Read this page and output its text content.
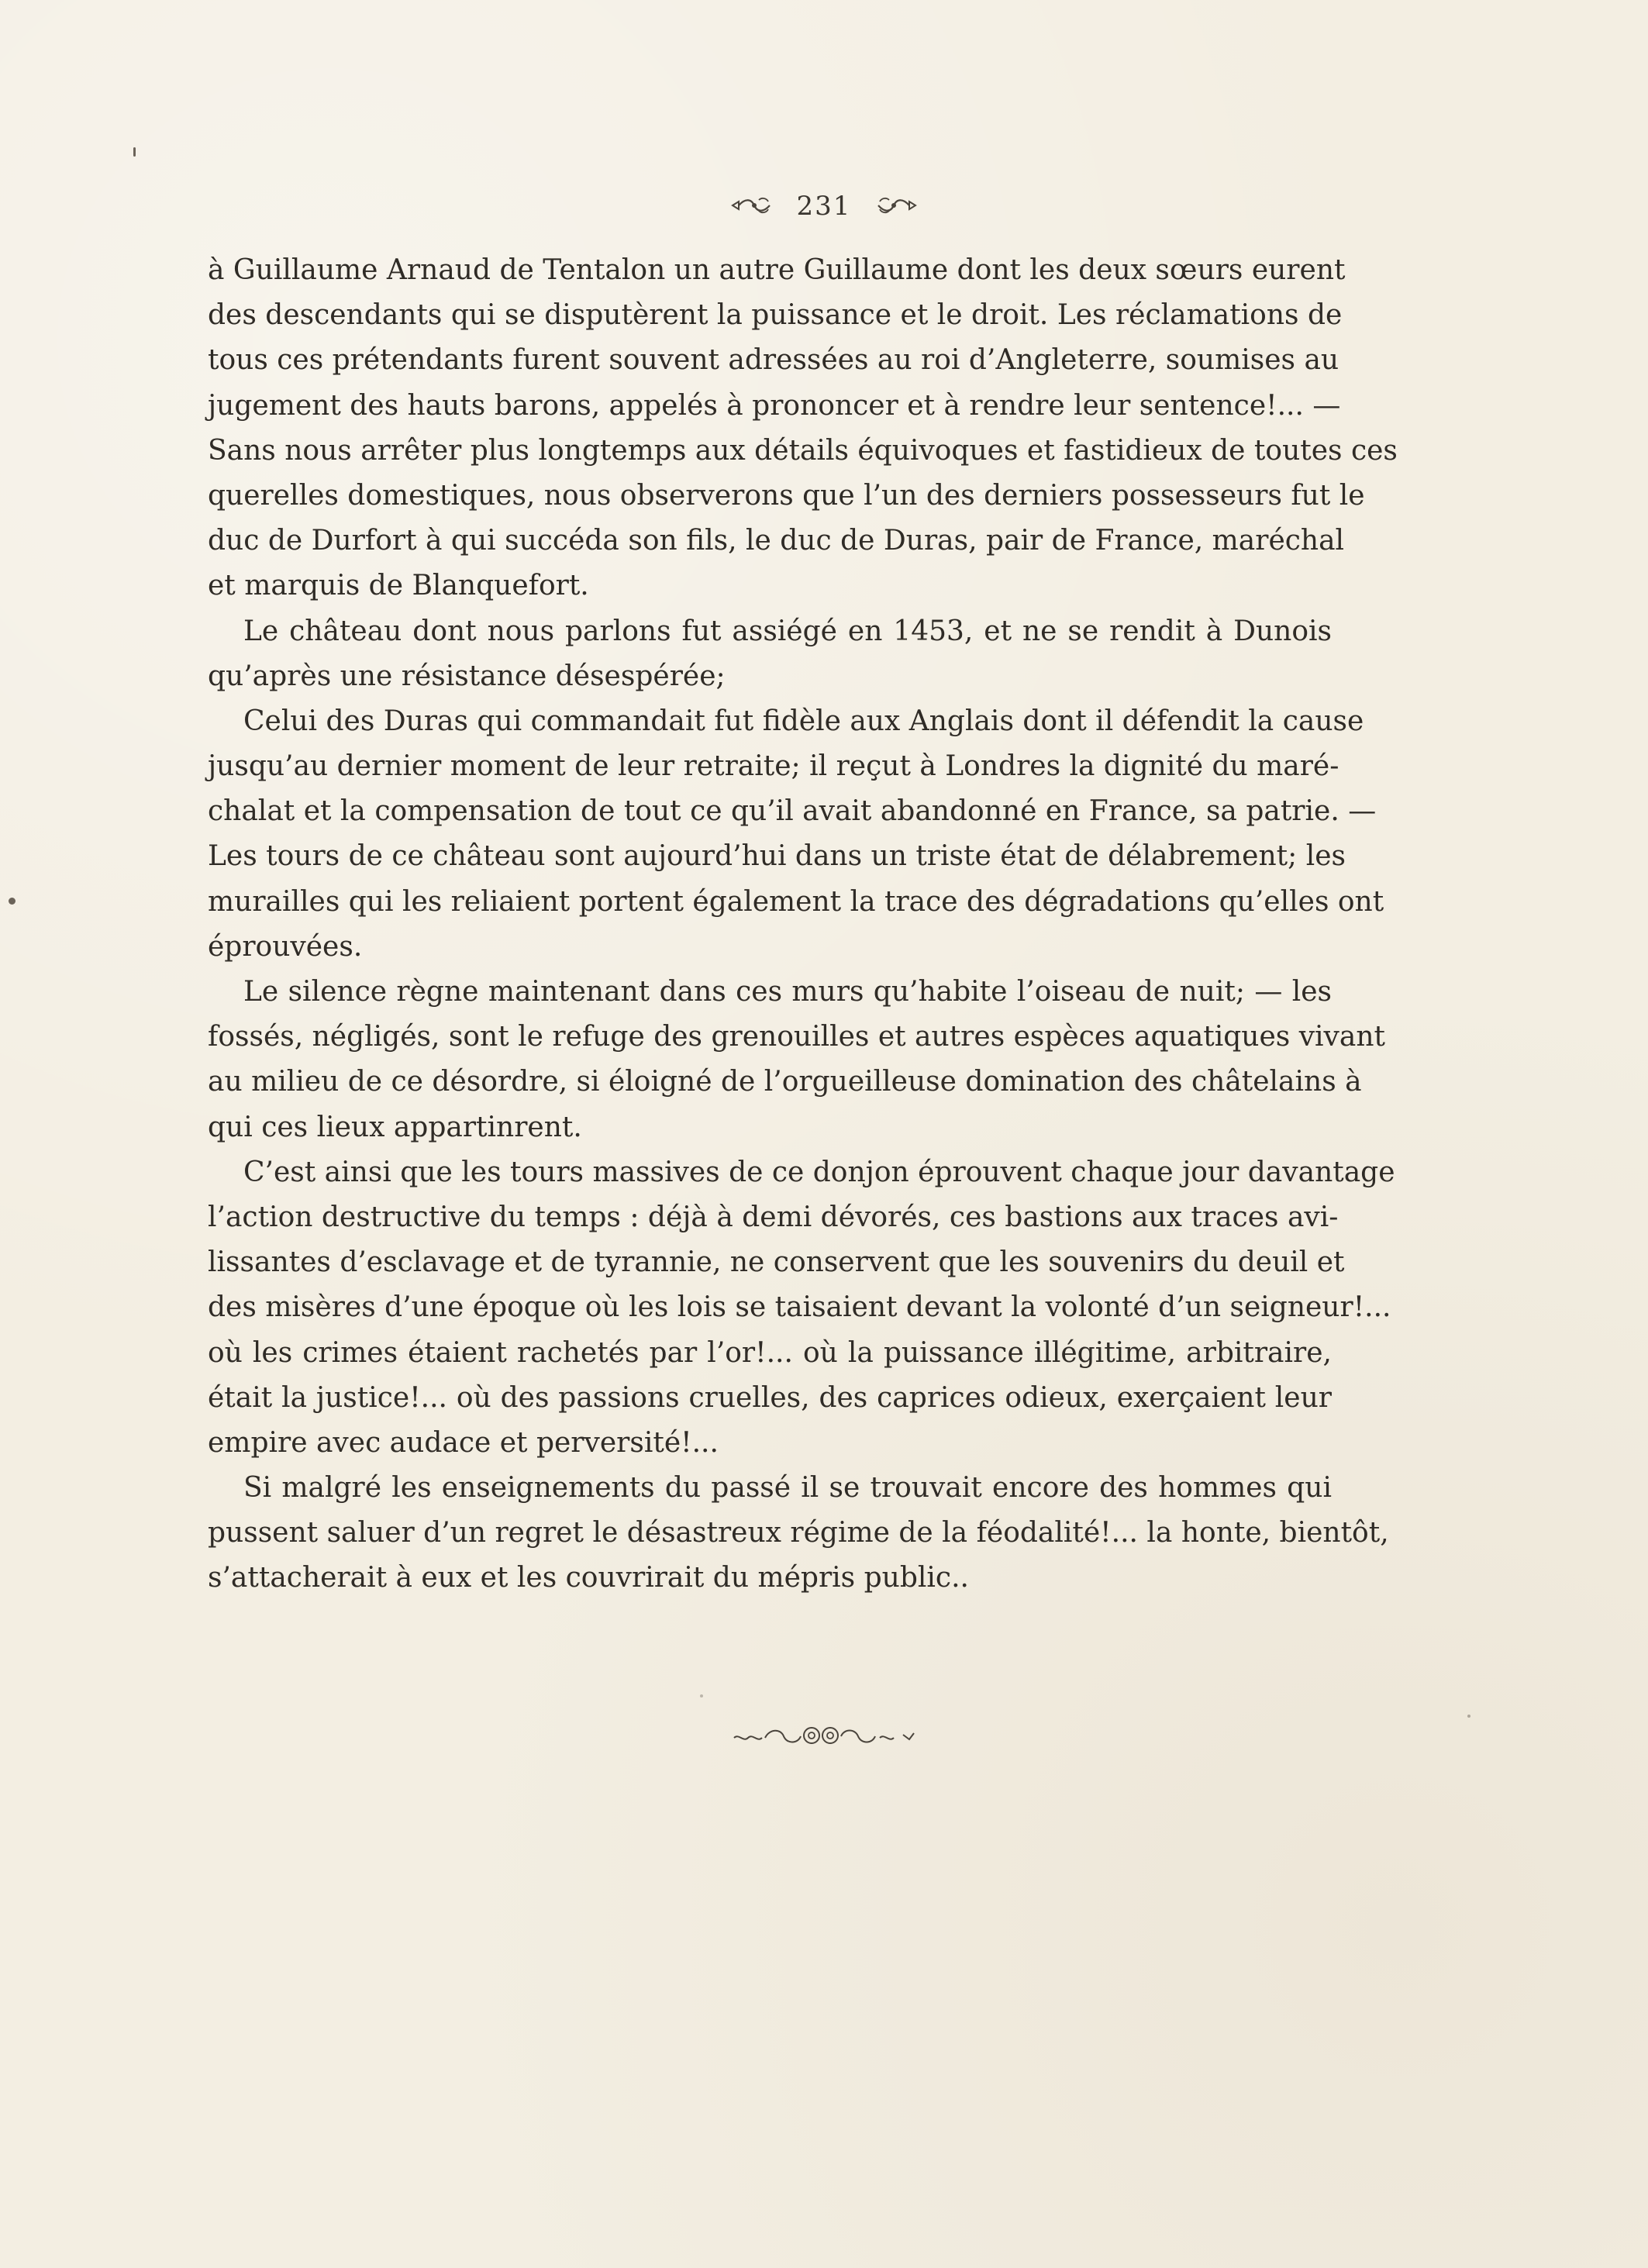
231
à Guillaume Arnaud de Tentalon un autre Guillaume dont les deux sœurs eurent
des descendants qui se disputèrent la puissance et le droit. Les réclamations de
tous ces prétendants furent souvent adressées au roi d’Angleterre, soumises au
jugement des hauts barons, appelés à prononcer et à rendre leur sentence!... —
Sans nous arrêter plus longtemps aux détails équivoques et fastidieux de toutes ces
querelles domestiques, nous observerons que l’un des derniers possesseurs fut le
duc de Durfort à qui succéda son fils, le duc de Duras, pair de France, maréchal
et marquis de Blanquefort.
Le château dont nous parlons fut assiégé en 1453, et ne se rendit à Dunois
qu’après une résistance désespérée;
Celui des Duras qui commandait fut fidèle aux Anglais dont il défendit la cause
jusqu’au dernier moment de leur retraite; il reçut à Londres la dignité du maré-
chalat et la compensation de tout ce qu’il avait abandonné en France, sa patrie. —
Les tours de ce château sont aujourd’hui dans un triste état de délabrement; les
murailles qui les reliaient portent également la trace des dégradations qu’elles ont
éprouvées.
Le silence règne maintenant dans ces murs qu’habite l’oiseau de nuit; — les
fossés, négligés, sont le refuge des grenouilles et autres espèces aquatiques vivant
au milieu de ce désordre, si éloigné de l’orgueilleuse domination des châtelains à
qui ces lieux appartinrent.
C’est ainsi que les tours massives de ce donjon éprouvent chaque jour davantage
l’action destructive du temps : déjà à demi dévorés, ces bastions aux traces avi-
lissantes d’esclavage et de tyrannie, ne conservent que les souvenirs du deuil et
des misères d’une époque où les lois se taisaient devant la volonté d’un seigneur!...
où les crimes étaient rachetés par l’or!... où la puissance illégitime, arbitraire,
était la justice!... où des passions cruelles, des caprices odieux, exerçaient leur
empire avec audace et perversité!...
Si malgré les enseignements du passé il se trouvait encore des hommes qui
pussent saluer d’un regret le désastreux régime de la féodalité!... la honte, bientôt,
s’attacherait à eux et les couvrirait du mépris public..
